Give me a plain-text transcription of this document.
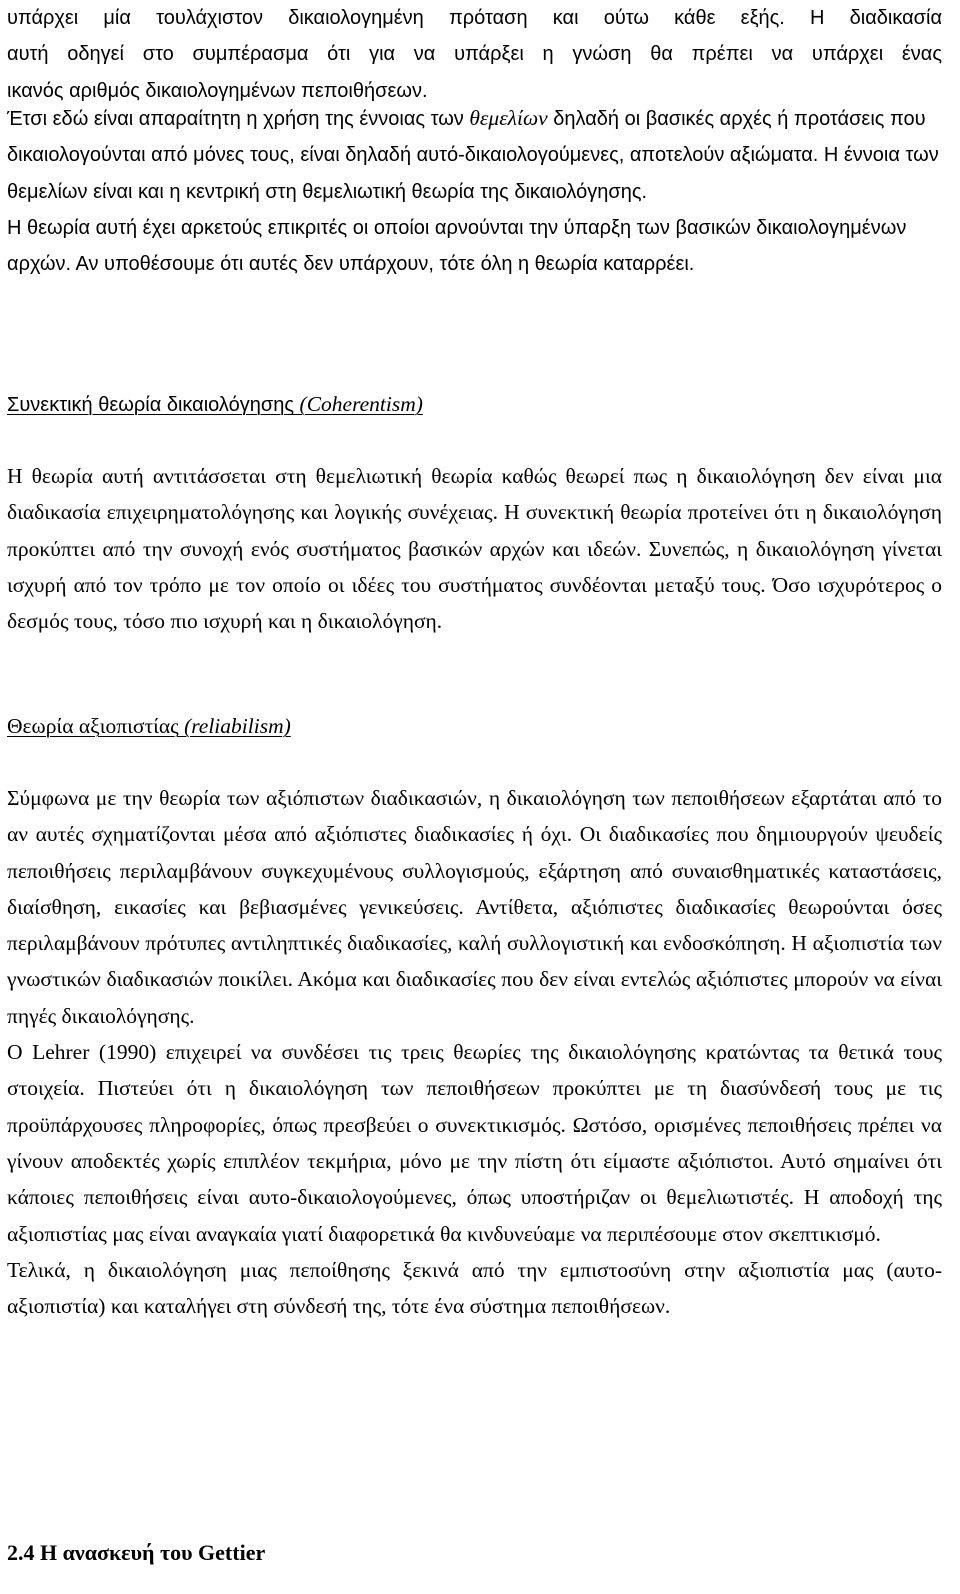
υπάρχει μία τουλάχιστον δικαιολογημένη πρόταση και ούτω κάθε εξής. Η διαδικασία

αυτή οδηγεί στο συμπέρασμα ότι για να υπάρξει η γνώση θα πρέπει να υπάρχει ένας

ικανός αριθμός δικαιολογημένων πεποιθήσεων.

Έτσι εδώ είναι απαραίτητη η χρήση της έννοιας των θεμελίων δηλαδή οι βασικές αρχές ή προτάσεις που δικαιολογούνται από μόνες τους, είναι δηλαδή αυτό-δικαιολογούμενες, αποτελούν αξιώματα. Η έννοια των θεμελίων είναι και η κεντρική στη θεμελιωτική θεωρία της δικαιολόγησης.

Η θεωρία αυτή έχει αρκετούς επικριτές οι οποίοι αρνούνται την ύπαρξη των βασικών δικαιολογημένων αρχών. Αν υποθέσουμε ότι αυτές δεν υπάρχουν, τότε όλη η θεωρία καταρρέει.

Συνεκτική θεωρία δικαιολόγησης (Coherentism)

Η θεωρία αυτή αντιτάσσεται στη θεμελιωτική θεωρία καθώς θεωρεί πως η δικαιολόγηση δεν είναι μια διαδικασία επιχειρηματολόγησης και λογικής συνέχειας. Η συνεκτική θεωρία προτείνει ότι η δικαιολόγηση προκύπτει από την συνοχή ενός συστήματος βασικών αρχών και ιδεών. Συνεπώς, η δικαιολόγηση γίνεται ισχυρή από τον τρόπο με τον οποίο οι ιδέες του συστήματος συνδέονται μεταξύ τους. Όσο ισχυρότερος ο δεσμός τους, τόσο πιο ισχυρή και η δικαιολόγηση.

Θεωρία αξιοπιστίας (reliabilism)

Σύμφωνα με την θεωρία των αξιόπιστων διαδικασιών, η δικαιολόγηση των πεποιθήσεων εξαρτάται από το αν αυτές σχηματίζονται μέσα από αξιόπιστες διαδικασίες ή όχι. Οι διαδικασίες που δημιουργούν ψευδείς πεποιθήσεις περιλαμβάνουν συγκεχυμένους συλλογισμούς, εξάρτηση από συναισθηματικές καταστάσεις, διαίσθηση, εικασίες και βεβιασμένες γενικεύσεις. Αντίθετα, αξιόπιστες διαδικασίες θεωρούνται όσες περιλαμβάνουν πρότυπες αντιληπτικές διαδικασίες, καλή συλλογιστική και ενδοσκόπηση. Η αξιοπιστία των γνωστικών διαδικασιών ποικίλει. Ακόμα και διαδικασίες που δεν είναι εντελώς αξιόπιστες μπορούν να είναι πηγές δικαιολόγησης.

Ο Lehrer (1990) επιχειρεί να συνδέσει τις τρεις θεωρίες της δικαιολόγησης κρατώντας τα θετικά τους στοιχεία. Πιστεύει ότι η δικαιολόγηση των πεποιθήσεων προκύπτει με τη διασύνδεσή τους με τις προϋπάρχουσες πληροφορίες, όπως πρεσβεύει ο συνεκτικισμός. Ωστόσο, ορισμένες πεποιθήσεις πρέπει να γίνουν αποδεκτές χωρίς επιπλέον τεκμήρια, μόνο με την πίστη ότι είμαστε αξιόπιστοι. Αυτό σημαίνει ότι κάποιες πεποιθήσεις είναι αυτο-δικαιολογούμενες, όπως υποστήριζαν οι θεμελιωτιστές. Η αποδοχή της αξιοπιστίας μας είναι αναγκαία γιατί διαφορετικά θα κινδυνεύαμε να περιπέσουμε στον σκεπτικισμό.

Τελικά, η δικαιολόγηση μιας πεποίθησης ξεκινά από την εμπιστοσύνη στην αξιοπιστία μας (αυτο-αξιοπιστία) και καταλήγει στη σύνδεσή της, τότε ένα σύστημα πεποιθήσεων.

2.4 Η ανασκευή του Gettier
